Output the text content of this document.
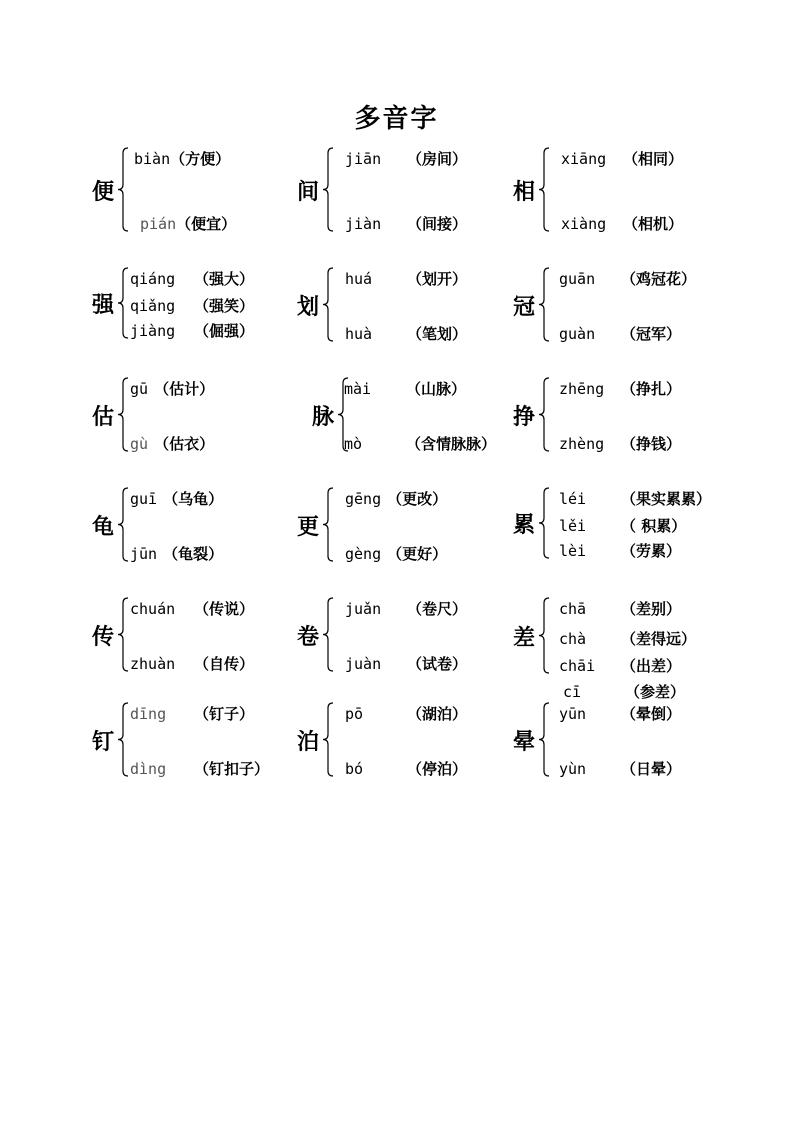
多音字
便
biàn（方便）
pián（便宜）
间
jiān （房间）
jiàn （间接）
相
xiāng （相同）
xiàng （相机）
强
qiáng （强大）
qiǎng （强笑）
jiàng （倔强）
划
huá （划开）
huà （笔划）
冠
guān （鸡冠花）
guàn （冠军）
估
gū （估计）
gù （估衣）
脉
mài （山脉）
mò	（含情脉脉）
挣
zhēng （挣扎）
zhèng （挣钱）
龟
guī （乌龟）
jūn （龟裂）
更
gēng （更改）
gèng （更好）
累
léi （果实累累）
lěi （ 积累）
lèi （劳累）
传
chuán （传说）
zhuàn （自传）
卷
juǎn （卷尺）
juàn （试卷）
差
chā （差别）
chà （差得远）
chāi （出差）
cī	（参差）
钉
dīng （钉子）
dìng （钉扣子）
泊
pō	（湖泊）
bó	（停泊）
晕
yūn （晕倒）
yùn （日晕）
